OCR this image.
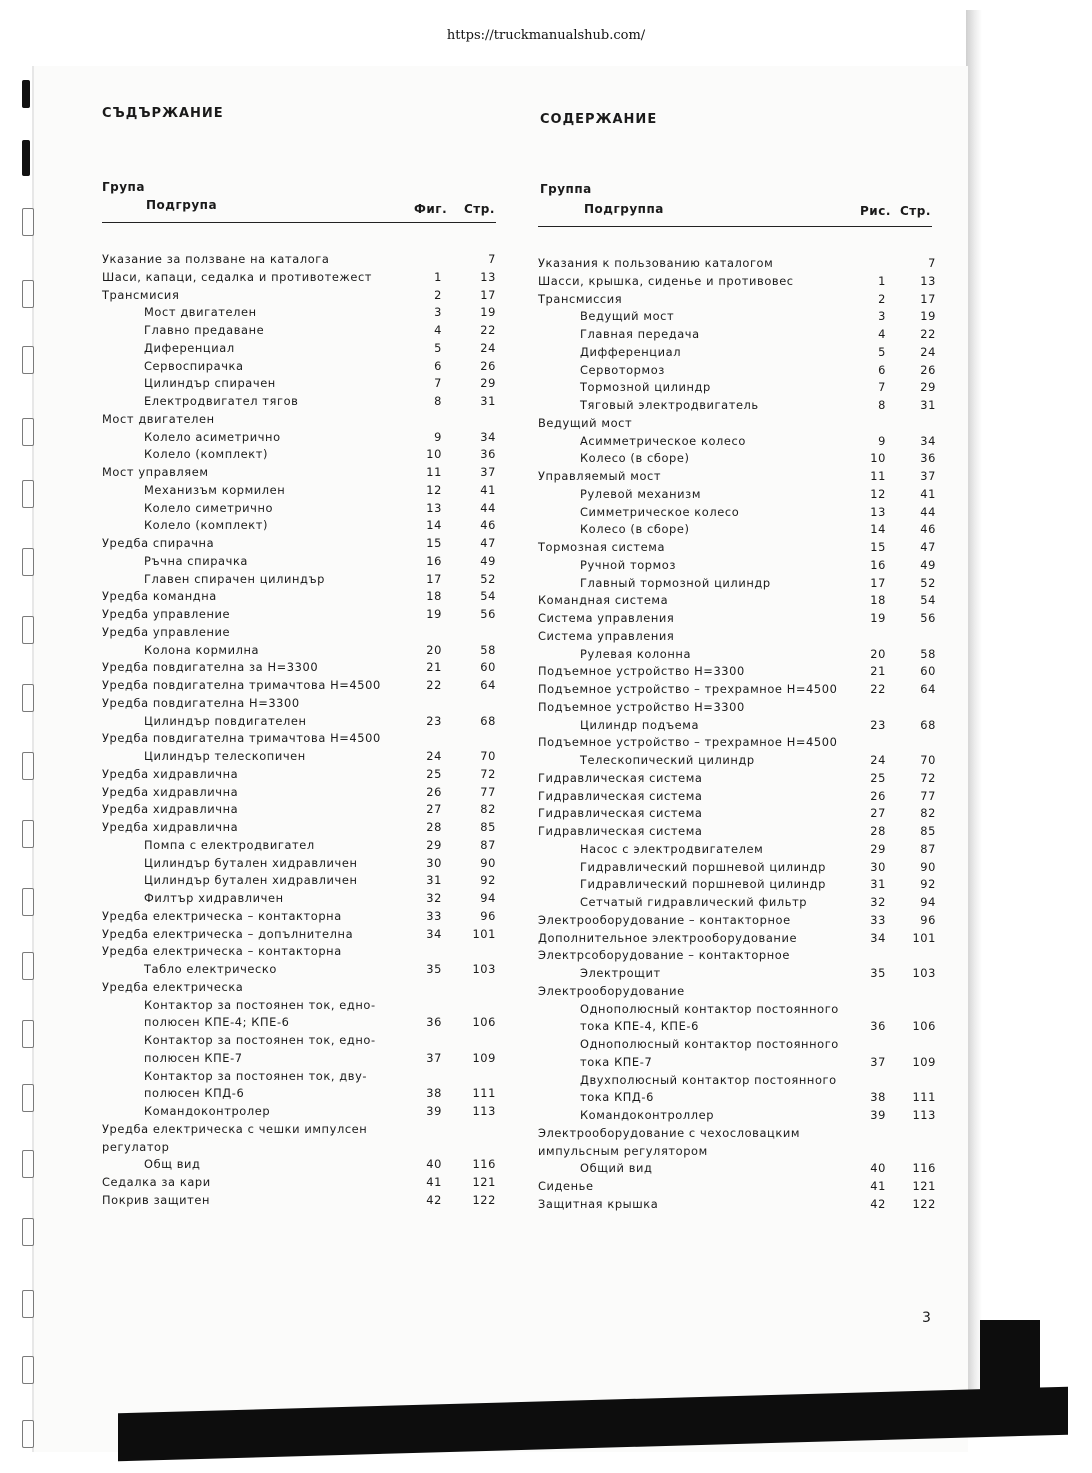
https://truckmanualshub.com/
СЪДЪРЖАНИЕ
Група
Подгрупа	Фиг. Стр.
СОДЕРЖАНИЕ
Группа
Подгруппа	Рис. Стр.
Указание за ползване на каталога	7
Шаси, капаци, седалка и противотежест	1	13
Трансмисия	2	17
Мост двигателен	3	19
Главно предаване	4	22
Диференциал	5	24
Сервоспирачка	6	26
Цилиндър спирачен	7	29
Електродвигател тягов	8	31
Мост двигателен
Колело асиметрично	9	34
Колело (комплект)	10	36
Мост управляем	11	37
Механизъм кормилен	12	41
Колело симетрично	13	44
Колело (комплект)	14	46
Уредба спирачна	15	47
Ръчна спирачка	16	49
Главен спирачен цилиндър	17	52
Уредба командна	18	54
Уредба управление	19	56
Уредба управление
Колона кормилна	20	58
Уредба повдигателна за H=3300	21	60
Уредба повдигателна тримачтова H=4500	22	64
Уредба повдигателна H=3300
Цилиндър повдигателен	23	68
Уредба повдигателна тримачтова H=4500
Цилиндър телескопичен	24	70
Уредба хидравлична	25	72
Уредба хидравлична	26	77
Уредба хидравлична	27	82
Уредба хидравлична	28	85
Помпа с електродвигател	29	87
Цилиндър бутален хидравличен	30	90
Цилиндър бутален хидравличен	31	92
Филтър хидравличен	32	94
Уредба електрическа – контакторна	33	96
Уредба електрическа – допълнителна	34	101
Уредба електрическа – контакторна
Табло електрическо	35	103
Уредба електрическа
Контактор за постоянен ток, едно-
полюсен КПЕ-4; КПЕ-6	36	106
Контактор за постоянен ток, едно-
полюсен КПЕ-7	37	109
Контактор за постоянен ток, дву-
полюсен КПД-6	38	111
Командоконтролер	39	113
Уредба електрическа с чешки импулсен
регулатор
Общ вид	40	116
Седалка за кари	41	121
Покрив защитен	42	122
Указания к пользованию каталогом	7
Шасси, крышка, сиденье и противовес	1	13
Трансмиссия	2	17
Ведущий мост	3	19
Главная передача	4	22
Дифференциал	5	24
Сервотормоз	6	26
Тормозной цилиндр	7	29
Тяговый электродвигатель	8	31
Ведущий мост
Асимметрическое колесо	9	34
Колесо (в сборе)	10	36
Управляемый мост	11	37
Рулевой механизм	12	41
Симметрическое колесо	13	44
Колесо (в сборе)	14	46
Тормозная система	15	47
Ручной тормоз	16	49
Главный тормозной цилиндр	17	52
Командная система	18	54
Система управления	19	56
Система управления
Рулевая колонна	20	58
Подъемное устройство H=3300	21	60
Подъемное устройство – трехрамное H=4500	22	64
Подъемное устройство H=3300
Цилиндр подъема	23	68
Подъемное устройство – трехрамное H=4500
Телескопический цилиндр	24	70
Гидравлическая система	25	72
Гидравлическая система	26	77
Гидравлическая система	27	82
Гидравлическая система	28	85
Насос с электродвигателем	29	87
Гидравлический поршневой цилиндр	30	90
Гидравлический поршневой цилиндр	31	92
Сетчатый гидравлический фильтр	32	94
Электрооборудование – контакторное	33	96
Дополнительное электрооборудование	34	101
Электрсоборудование – контакторное
Электрощит	35	103
Электрооборудование
Однополюсный контактор постоянного
тока КПЕ-4, КПЕ-6	36	106
Однополюсный контактор постоянного
тока КПЕ-7	37	109
Двухполюсный контактор постоянного
тока КПД-6	38	111
Командоконтроллер	39	113
Электрооборудование с чехословацким
импульсным регулятором
Общий вид	40	116
Сиденье	41	121
Защитная крышка	42	122
3
